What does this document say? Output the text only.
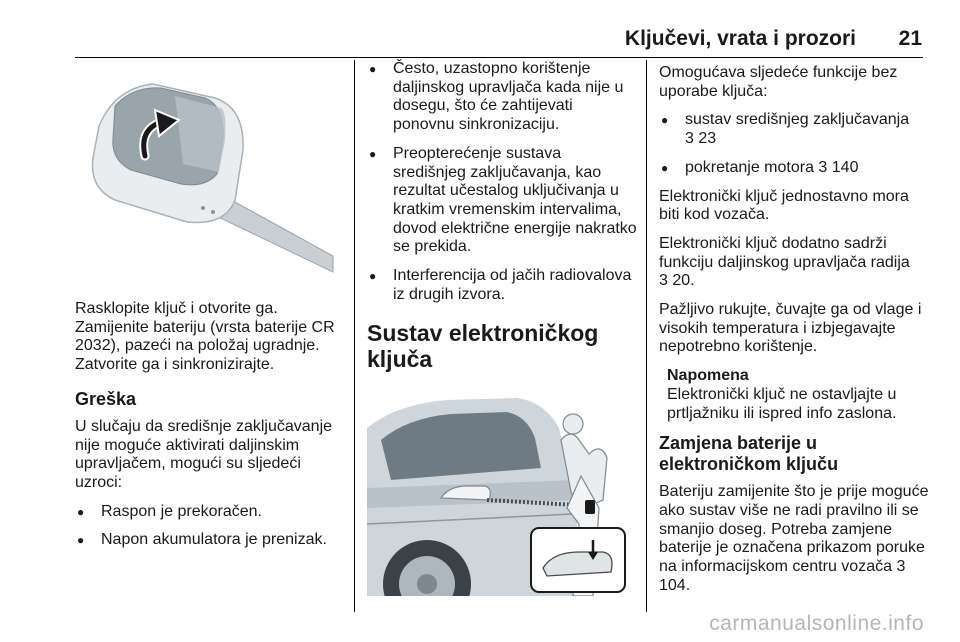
Ključevi, vrata i prozori 21

Rasklopite ključ i otvorite ga. Zamijenite bateriju (vrsta baterije CR 2032), pazeći na položaj ugradnje. Zatvorite ga i sinkronizirajte.

Greška

U slučaju da središnje zaključavanje nije moguće aktivirati daljinskim upravljačem, mogući su sljedeći uzroci:

● Raspon je prekoračen.
● Napon akumulatora je prenizak.
● Često, uzastopno korištenje daljinskog upravljača kada nije u dosegu, što će zahtijevati ponovnu sinkronizaciju.
● Preopterećenje sustava središnjeg zaključavanja, kao rezultat učestalog uključivanja u kratkim vremenskim intervalima, dovod električne energije nakratko se prekida.
● Interferencija od jačih radiovalova iz drugih izvora.
Sustav elektroničkog ključa

Omogućava sljedeće funkcije bez uporabe ključa:

● sustav središnjeg zaključavanja
3 23
● pokretanje motora 3 140

Elektronički ključ jednostavno mora biti kod vozača.

Elektronički ključ dodatno sadrži funkciju daljinskog upravljača radija
3 20.

Pažljivo rukujte, čuvajte ga od vlage i visokih temperatura i izbjegavajte nepotrebno korištenje.

Napomena
Elektronički ključ ne ostavljajte u prtljažniku ili ispred info zaslona.
Zamjena baterije u elektroničkom ključu

Bateriju zamijenite što je prije moguće ako sustav više ne radi pravilno ili se smanjio doseg. Potreba zamjene baterije je označena prikazom poruke na informacijskom centru vozača 3 104.

carmanualsonline.info
